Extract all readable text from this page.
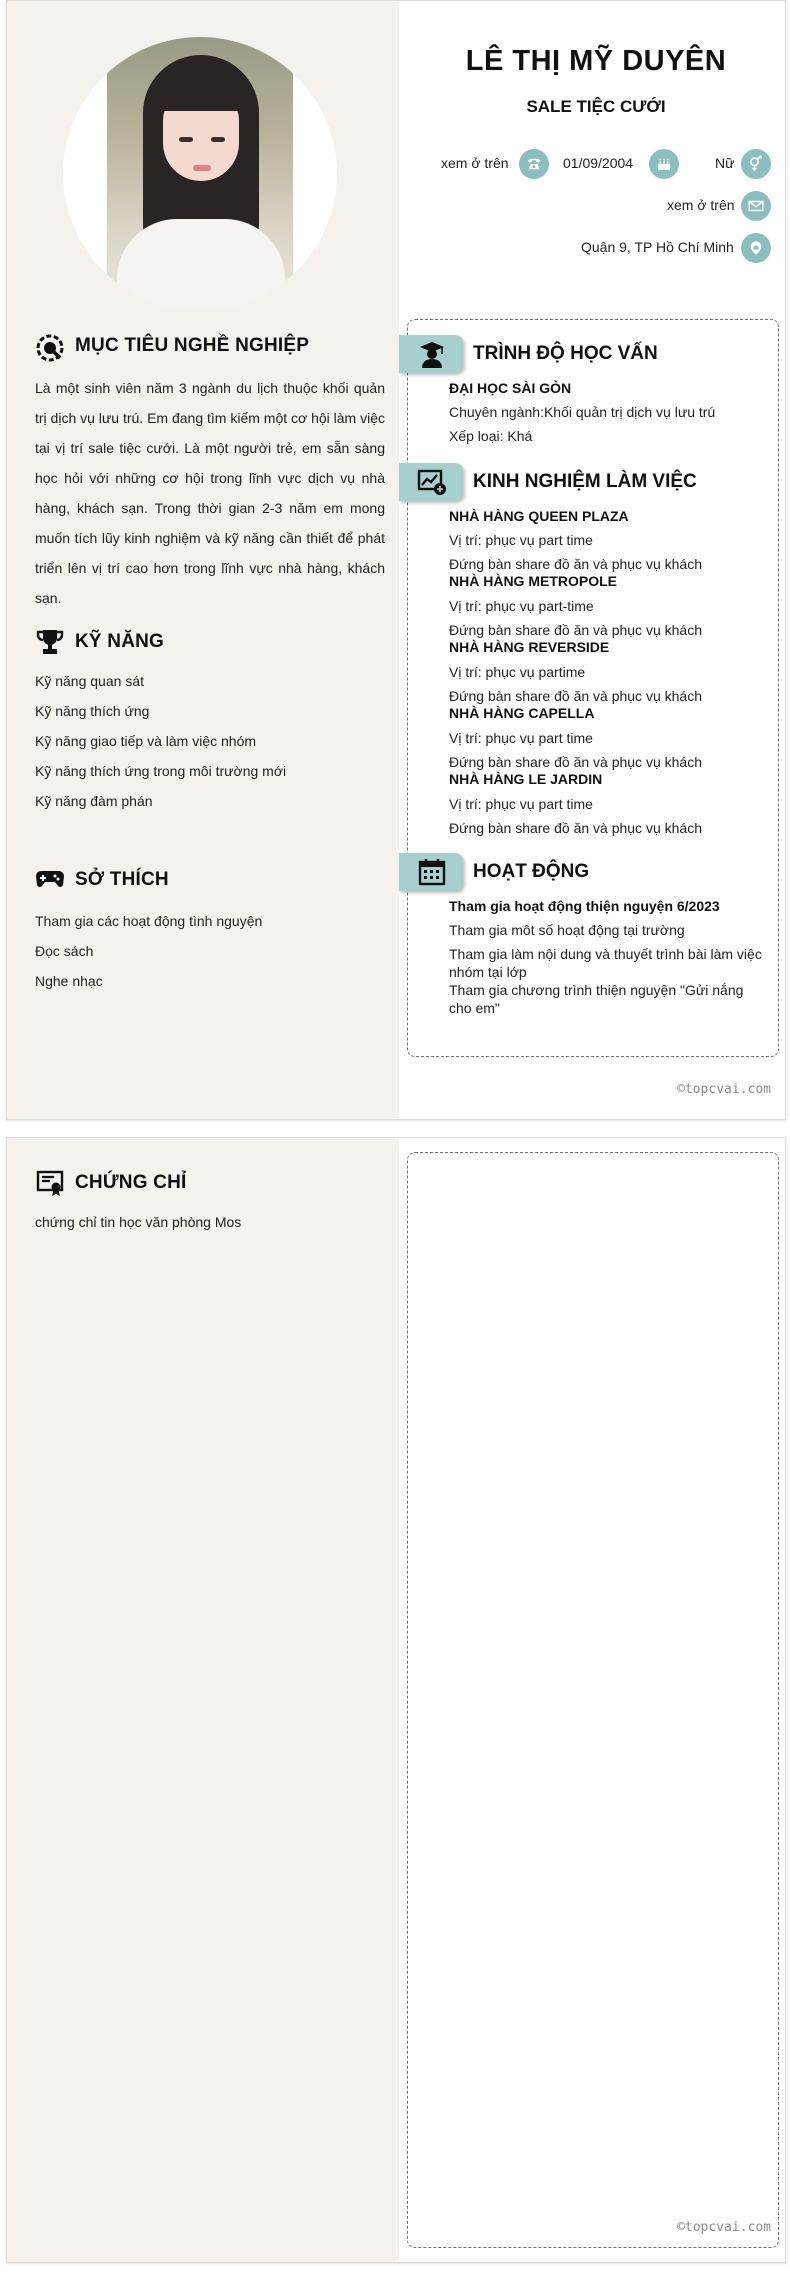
LÊ THỊ MỸ DUYÊN
SALE TIỆC CƯỚI
xem ở trên	01/09/2004	Nữ
xem ở trên
Quận 9, TP Hồ Chí Minh
MỤC TIÊU NGHỀ NGHIỆP
Là một sinh viên năm 3 ngành du lịch thuộc khối quản trị dịch vụ lưu trú. Em đang tìm kiếm một cơ hội làm việc tại vị trí sale tiệc cưới. Là một người trẻ, em sẵn sàng học hỏi với những cơ hội trong lĩnh vực dịch vụ nhà hàng, khách sạn. Trong thời gian 2-3 năm em mong muốn tích lũy kinh nghiệm và kỹ năng cần thiết để phát triển lên vị trí cao hơn trong lĩnh vực nhà hàng, khách sạn.
KỸ NĂNG
Kỹ năng quan sát
Kỹ năng thích ứng
Kỹ năng giao tiếp và làm việc nhóm
Kỹ năng thích ứng trong môi trường mới
Kỹ năng đàm phán
SỞ THÍCH
Tham gia các hoạt động tình nguyện
Đọc sách
Nghe nhạc
TRÌNH ĐỘ HỌC VẤN
ĐẠI HỌC SÀI GÒN
Chuyên ngành:Khối quản trị dịch vụ lưu trú
Xếp loại: Khá
KINH NGHIỆM LÀM VIỆC
NHÀ HÀNG QUEEN PLAZA
Vị trí: phục vụ part time
Đứng bàn share đồ ăn và phục vụ khách
NHÀ HÀNG METROPOLE
Vị trí: phục vụ part-time
Đứng bàn share đồ ăn và phục vụ khách
NHÀ HÀNG REVERSIDE
Vị trí: phục vụ partime
Đứng bàn share đồ ăn và phục vụ khách
NHÀ HÀNG CAPELLA
Vị trí: phục vụ part time
Đứng bàn share đồ ăn và phục vụ khách
NHÀ HÀNG LE JARDIN
Vị trí: phục vụ part time
Đứng bàn share đồ ăn và phục vụ khách
HOẠT ĐỘNG
Tham gia hoạt động thiện nguyện 6/2023
Tham gia môt số hoạt động tại trường
Tham gia làm nội dung và thuyết trình bài làm việc nhóm tại lớp
Tham gia chương trình thiện nguyện "Gửi nắng cho em"
©topcvai.com
CHỨNG CHỈ
chứng chỉ tin học văn phòng Mos
©topcvai.com
